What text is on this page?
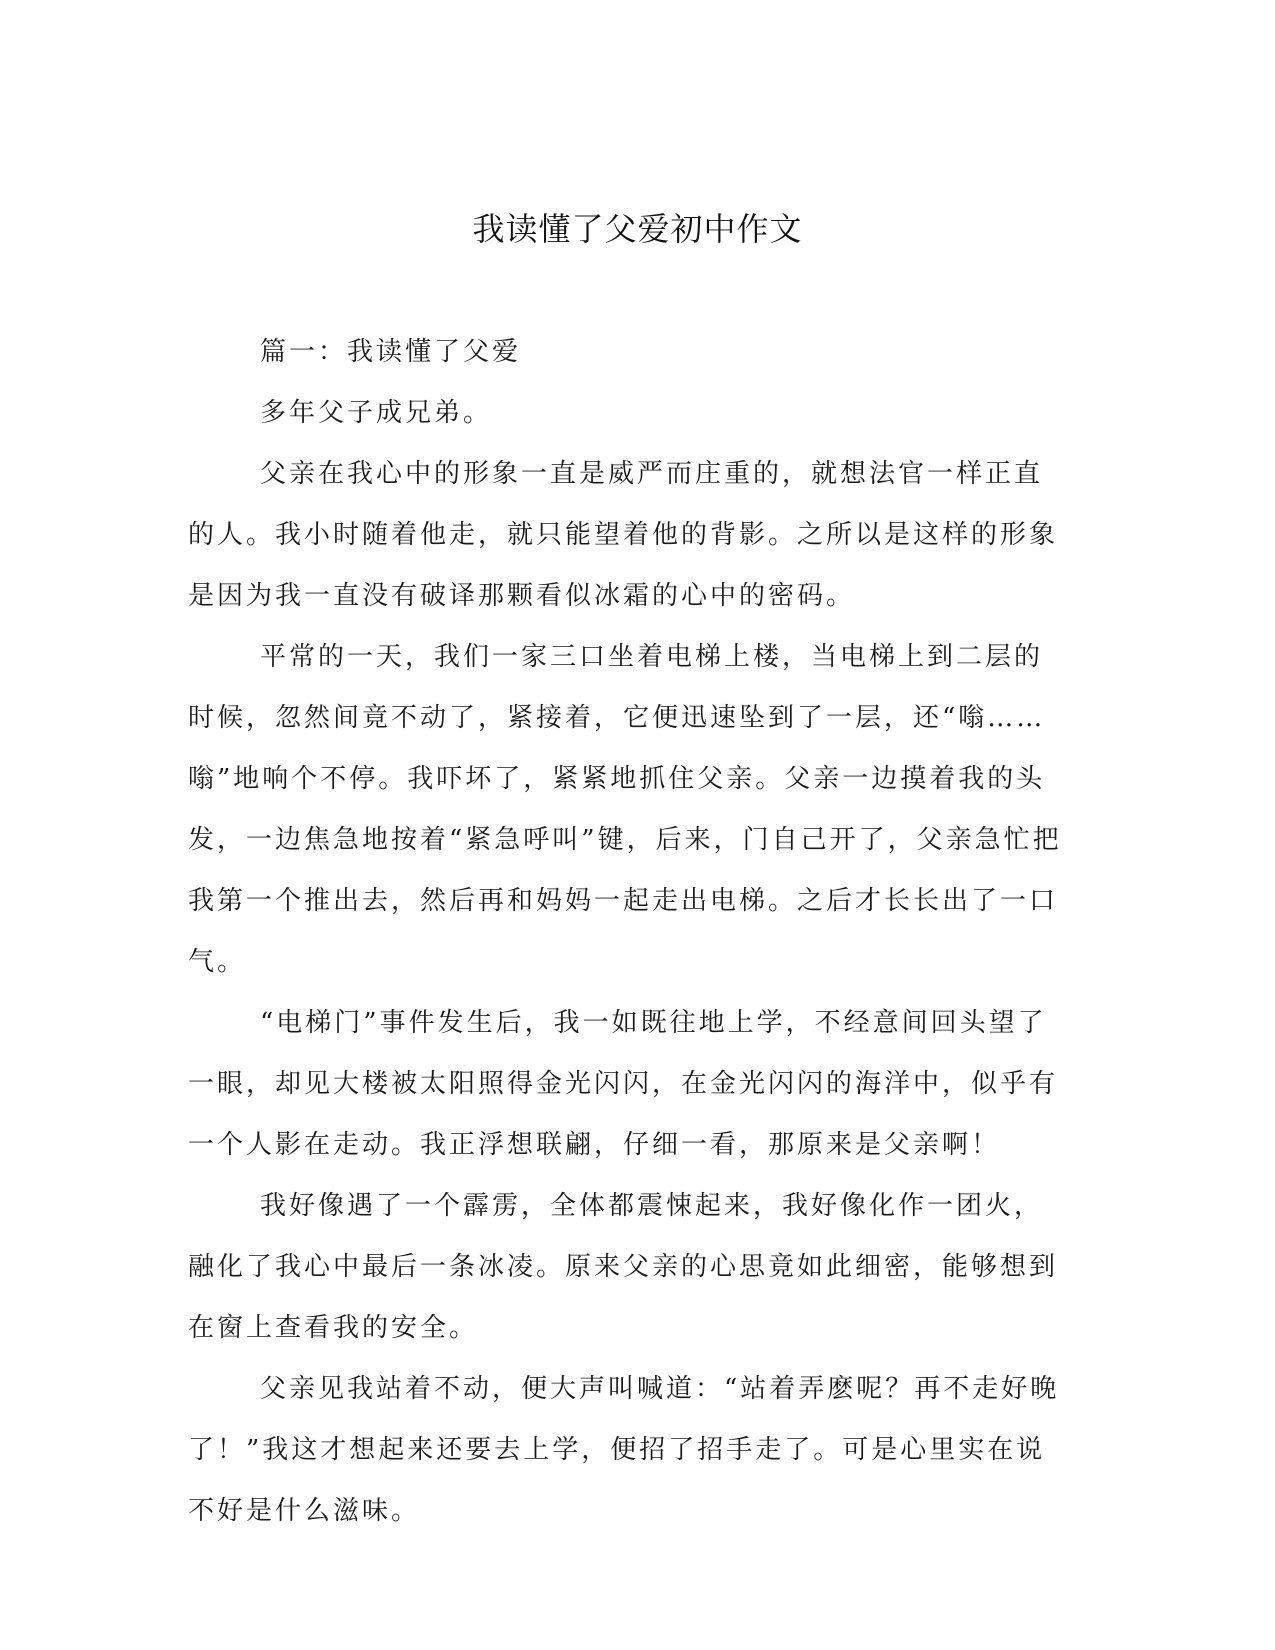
我读懂了父爱初中作文

篇一：我读懂了父爱

多年父子成兄弟。

父亲在我心中的形象一直是威严而庄重的，就想法官一样正直的人。我小时随着他走，就只能望着他的背影。之所以是这样的形象是因为我一直没有破译那颗看似冰霜的心中的密码。

平常的一天，我们一家三口坐着电梯上楼，当电梯上到二层的时候，忽然间竟不动了，紧接着，它便迅速坠到了一层，还“嗡……嗡”地响个不停。我吓坏了，紧紧地抓住父亲。父亲一边摸着我的头发，一边焦急地按着“紧急呼叫”键，后来，门自己开了，父亲急忙把我第一个推出去，然后再和妈妈一起走出电梯。之后才长长出了一口气。

“电梯门”事件发生后，我一如既往地上学，不经意间回头望了一眼，却见大楼被太阳照得金光闪闪，在金光闪闪的海洋中，似乎有一个人影在走动。我正浮想联翩，仔细一看，那原来是父亲啊！

我好像遇了一个霹雳，全体都震悚起来，我好像化作一团火，融化了我心中最后一条冰凌。原来父亲的心思竟如此细密，能够想到在窗上查看我的安全。

父亲见我站着不动，便大声叫喊道：“站着弄麽呢？再不走好晚了！”我这才想起来还要去上学，便招了招手走了。可是心里实在说不好是什么滋味。
